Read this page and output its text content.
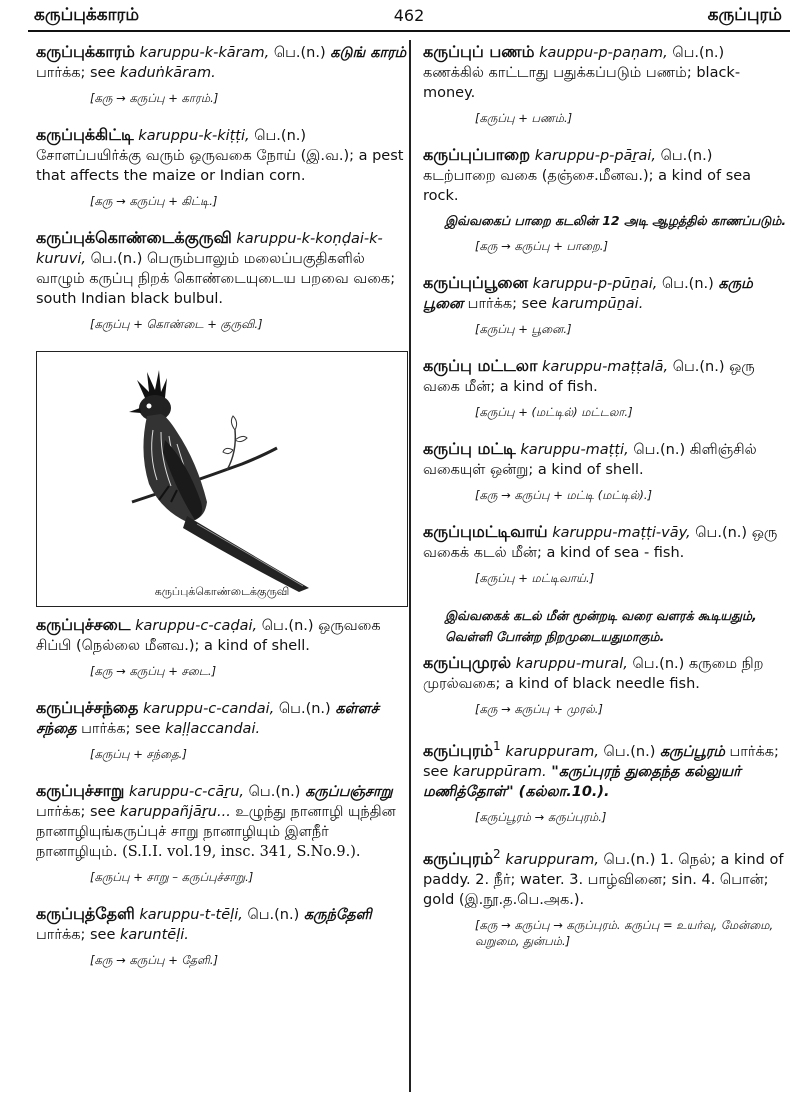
கருப்புக்காரம்	462	கருப்புரம்
கருப்புக்காரம் karuppu-k-kāram, பெ.(n.) கடுங் காரம் பார்க்க; see kaduṅkāram.
[கரு → கருப்பு + காரம்.]
கருப்புக்கிட்டி karuppu-k-kiṭṭi, பெ.(n.) சோளப்பயிர்க்கு வரும் ஒருவகை நோய் (இ.வ.); a pest that affects the maize or Indian corn.
[கரு → கருப்பு + கிட்டி.]
கருப்புக்கொண்டைக்குருவி karuppu-k-koṇḍai-k-kuruvi, பெ.(n.) பெரும்பாலும் மலைப்பகுதிகளில் வாழும் கருப்பு நிறக் கொண்டையுடைய பறவை வகை; south Indian black bulbul.
[கருப்பு + கொண்டை + குருவி.]
கருப்புக்கொண்டைக்குருவி
கருப்புச்சடை karuppu-c-caḍai, பெ.(n.) ஒருவகை சிப்பி (நெல்லை மீனவ.); a kind of shell.
[கரு → கருப்பு + சடை.]
கருப்புச்சந்தை karuppu-c-candai, பெ.(n.) கள்ளச் சந்தை பார்க்க; see kaḷḷaccandai.
[கருப்பு + சந்தை.]
கருப்புச்சாறு karuppu-c-cāṟu, பெ.(n.) கருப்பஞ்சாறு பார்க்க; see karuppañjāṟu... உழுந்து நானாழி யுந்தின நானாழியுங்கருப்புச் சாறு நானாழியும் இளநீர் நானாழியும். (S.I.I. vol.19, insc. 341, S.No.9.).
[கருப்பு + சாறு – கருப்புச்சாறு.]
கருப்புத்தேளி karuppu-t-tēḷi, பெ.(n.) கருந்தேளி பார்க்க; see karuntēḷi.
[கரு → கருப்பு + தேளி.]
கருப்புப் பணம் kauppu-p-paṇam, பெ.(n.) கணக்கில் காட்டாது பதுக்கப்படும் பணம்; black-money.
[கருப்பு + பணம்.]
கருப்புப்பாறை karuppu-p-pāṟai, பெ.(n.) கடற்பாறை வகை (தஞ்சை.மீனவ.); a kind of sea rock.
இவ்வகைப் பாறை கடலின் 12 அடி ஆழத்தில் காணப்படும்.
[கரு → கருப்பு + பாறை.]
கருப்புப்பூனை karuppu-p-pūṉai, பெ.(n.) கரும் பூனை பார்க்க; see karumpūṉai.
[கருப்பு + பூனை.]
கருப்பு மட்டலா karuppu-maṭṭalā, பெ.(n.) ஒரு வகை மீன்; a kind of fish.
[கருப்பு + (மட்டில்) மட்டலா.]
கருப்பு மட்டி karuppu-maṭṭi, பெ.(n.) கிளிஞ்சில் வகையுள் ஒன்று; a kind of shell.
[கரு → கருப்பு + மட்டி (மட்டில்).]
கருப்புமட்டிவாய் karuppu-maṭṭi-vāy, பெ.(n.) ஒரு வகைக் கடல் மீன்; a kind of sea - fish.
[கருப்பு + மட்டிவாய்.]
இவ்வகைக் கடல் மீன் மூன்றடி வரை வளரக் கூடியதும், வெள்ளி போன்ற நிறமுடையதுமாகும்.
கருப்புமுரல் karuppu-mural, பெ.(n.) கருமை நிற முரல்வகை; a kind of black needle fish.
[கரு → கருப்பு + முரல்.]
கருப்புரம்$^1$ karuppuram, பெ.(n.) கருப்பூரம் பார்க்க; see karuppūram. "கருப்புரந் துதைந்த கல்லுயர் மணித்தோள்" (கல்லா.10.).
[கருப்பூரம் → கருப்புரம்.]
கருப்புரம்$^2$ karuppuram, பெ.(n.) 1. நெல்; a kind of paddy. 2. நீர்; water. 3. பாழ்வினை; sin. 4. பொன்; gold (இ.நூ.த.பெ.அக.).
[கரு → கருப்பு → கருப்புரம். கருப்பு = உயர்வு, மேன்மை, வறுமை, துன்பம்.]
